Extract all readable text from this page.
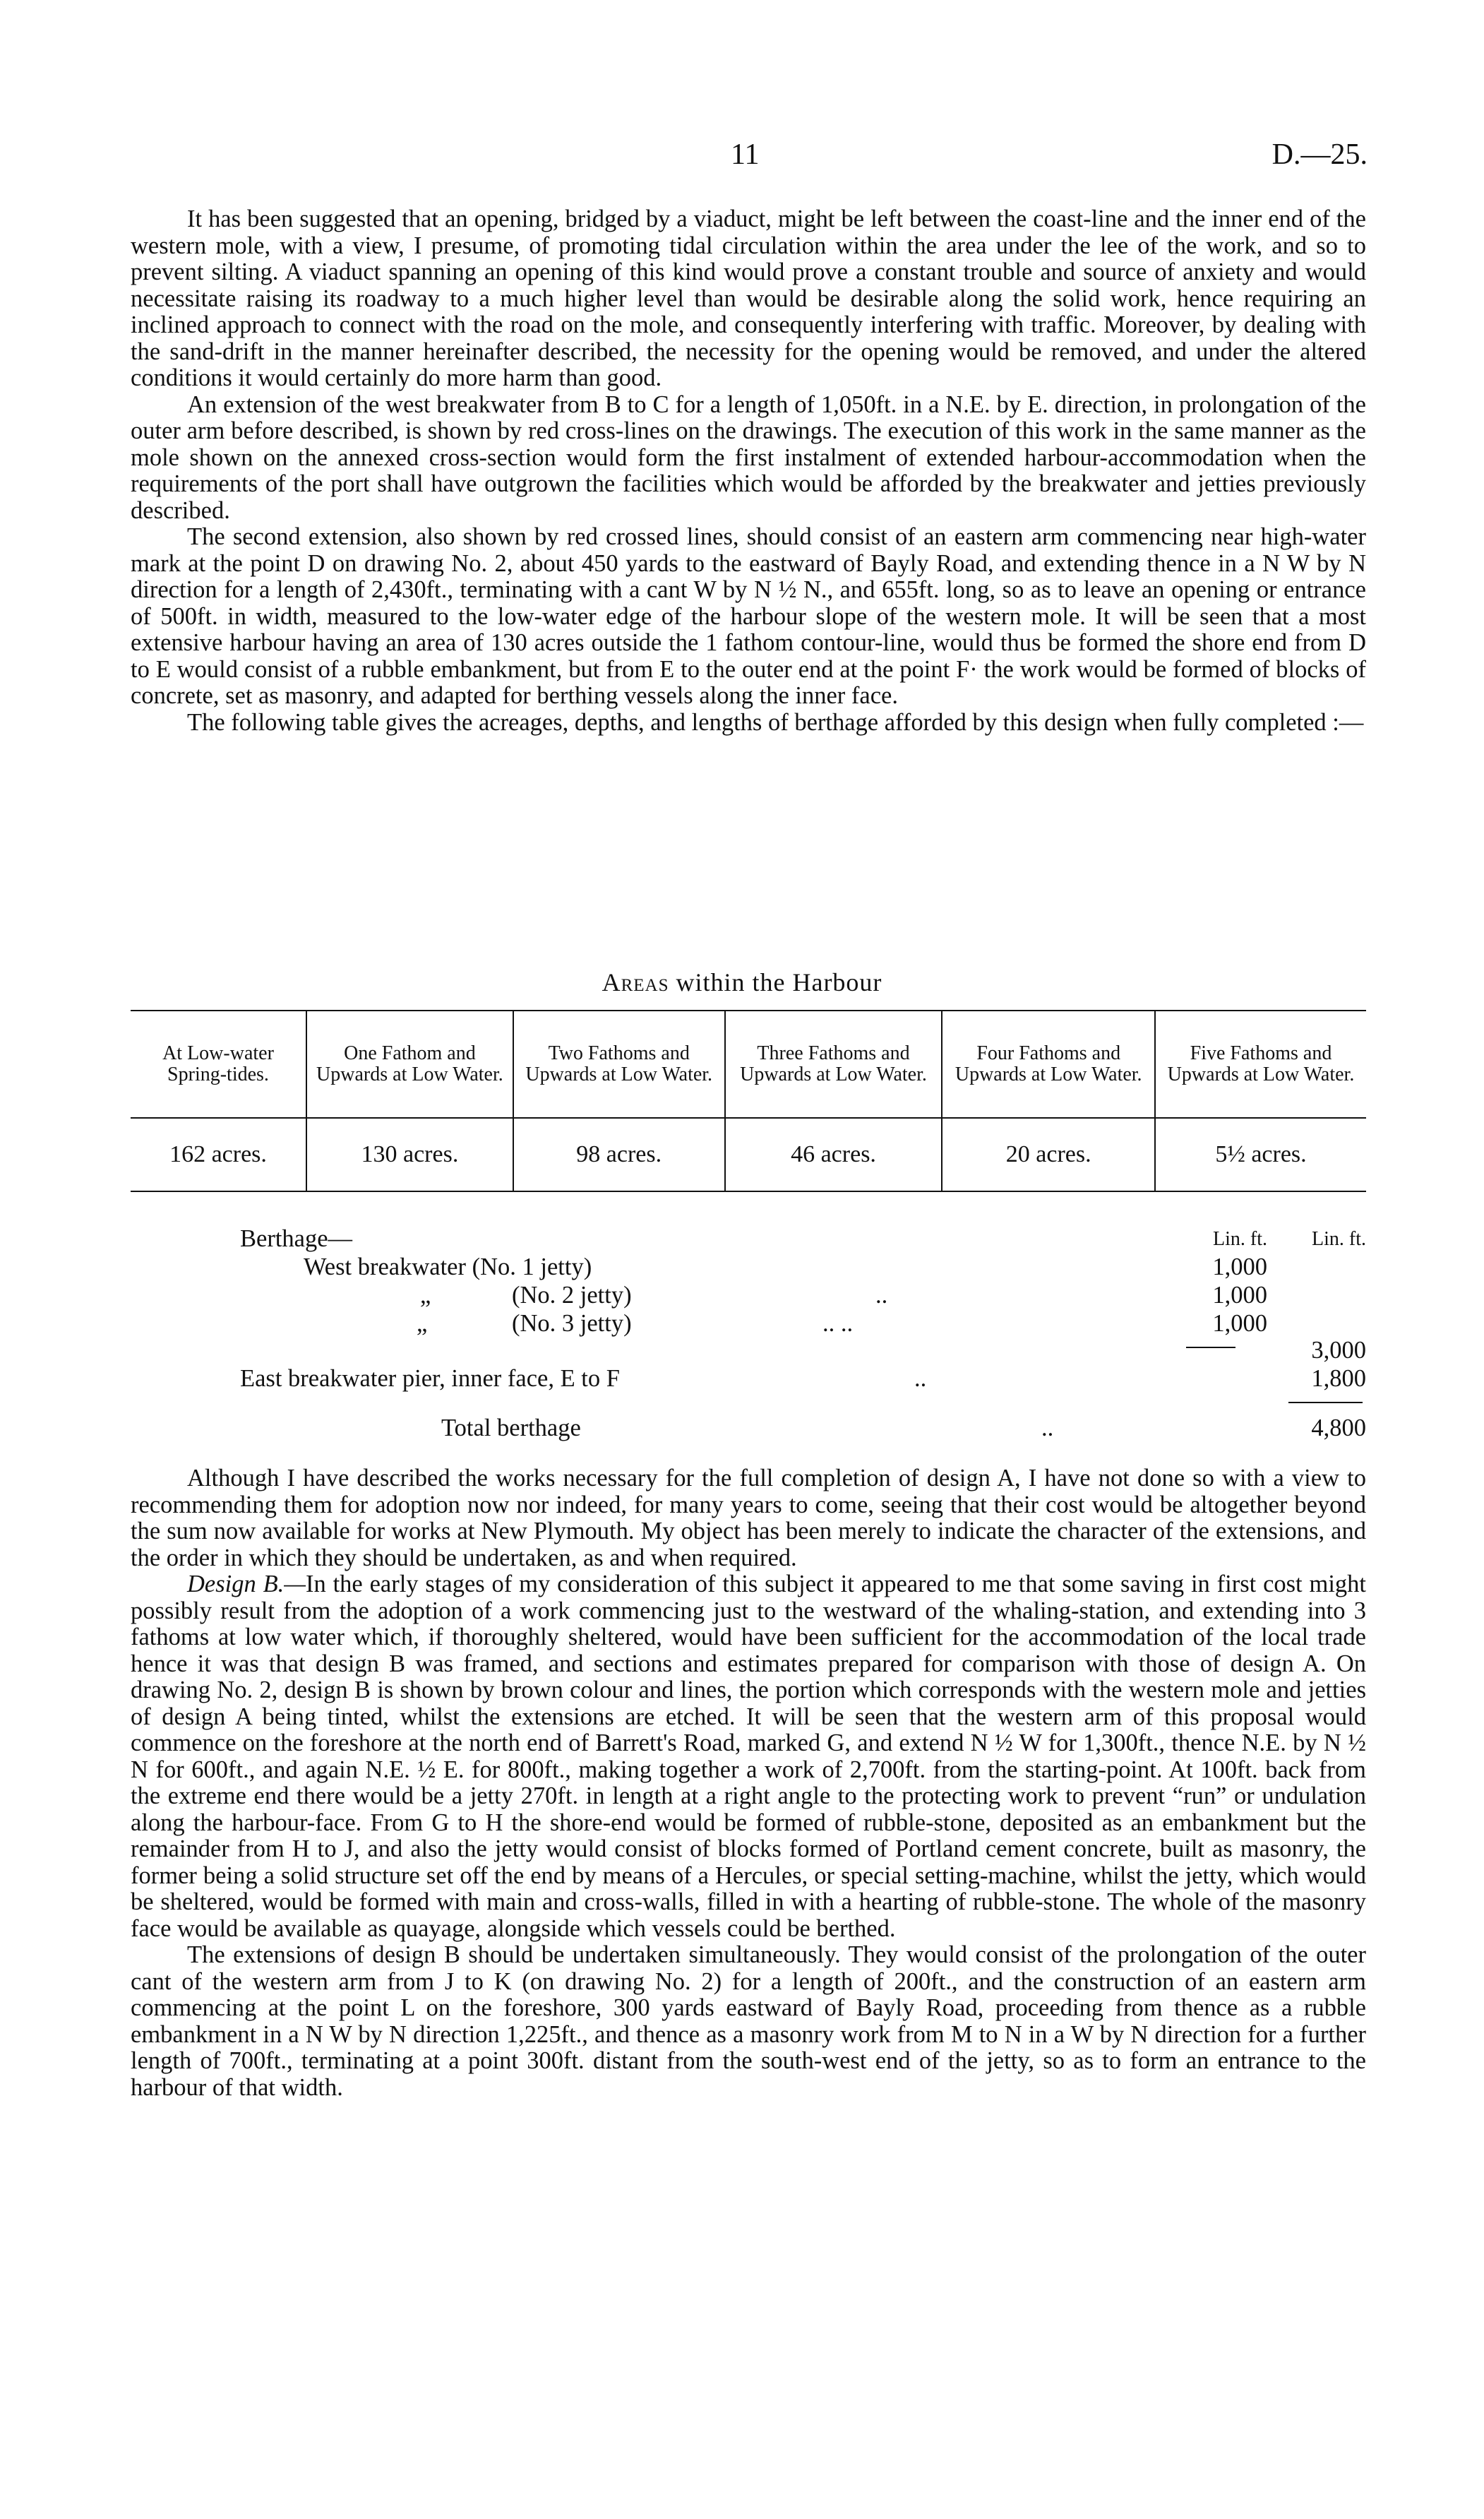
11	D.—25.

It has been suggested that an opening, bridged by a viaduct, might be left between the coast-line and the inner end of the western mole, with a view, I presume, of promoting tidal circulation within the area under the lee of the work, and so to prevent silting. A viaduct spanning an opening of this kind would prove a constant trouble and source of anxiety and would necessitate raising its roadway to a much higher level than would be desirable along the solid work, hence requiring an inclined approach to connect with the road on the mole, and consequently interfering with traffic. Moreover, by dealing with the sand-drift in the manner hereinafter described, the necessity for the opening would be removed, and under the altered conditions it would certainly do more harm than good.

An extension of the west breakwater from B to C for a length of 1,050ft. in a N.E. by E. direction, in prolongation of the outer arm before described, is shown by red cross-lines on the drawings. The execution of this work in the same manner as the mole shown on the annexed cross-section would form the first instalment of extended harbour-accommodation when the requirements of the port shall have outgrown the facilities which would be afforded by the breakwater and jetties previously described.

The second extension, also shown by red crossed lines, should consist of an eastern arm commencing near high-water mark at the point D on drawing No. 2, about 450 yards to the eastward of Bayly Road, and extending thence in a N W by N direction for a length of 2,430ft., terminating with a cant W by N ½ N., and 655ft. long, so as to leave an opening or entrance of 500ft. in width, measured to the low-water edge of the harbour slope of the western mole. It will be seen that a most extensive harbour having an area of 130 acres outside the 1 fathom contour-line, would thus be formed the shore end from D to E would consist of a rubble embankment, but from E to the outer end at the point F· the work would be formed of blocks of concrete, set as masonry, and adapted for berthing vessels along the inner face.

The following table gives the acreages, depths, and lengths of berthage afforded by this design when fully completed :—

Areas within the Harbour
At Low-water Spring-tides.	One Fathom and Upwards at Low Water.	Two Fathoms and Upwards at Low Water.	Three Fathoms and Upwards at Low Water.	Four Fathoms and Upwards at Low Water.	Five Fathoms and Upwards at Low Water.
162 acres.	130 acres.	98 acres.	46 acres.	20 acres.	5½ acres.
Berthage—	Lin. ft.	Lin. ft.
West breakwater (No. 1 jetty)	1,000
„	(No. 2 jetty)	..	1,000
„	(No. 3 jetty)	.. ..	1,000
3,000
East breakwater pier, inner face, E to F	..	1,800
Total berthage	..	4,800

Although I have described the works necessary for the full completion of design A, I have not done so with a view to recommending them for adoption now nor indeed, for many years to come, seeing that their cost would be altogether beyond the sum now available for works at New Plymouth. My object has been merely to indicate the character of the extensions, and the order in which they should be undertaken, as and when required.

Design B.—In the early stages of my consideration of this subject it appeared to me that some saving in first cost might possibly result from the adoption of a work commencing just to the westward of the whaling-station, and extending into 3 fathoms at low water which, if thoroughly sheltered, would have been sufficient for the accommodation of the local trade hence it was that design B was framed, and sections and estimates prepared for comparison with those of design A. On drawing No. 2, design B is shown by brown colour and lines, the portion which corresponds with the western mole and jetties of design A being tinted, whilst the extensions are etched. It will be seen that the western arm of this proposal would commence on the foreshore at the north end of Barrett's Road, marked G, and extend N ½ W for 1,300ft., thence N.E. by N ½ N for 600ft., and again N.E. ½ E. for 800ft., making together a work of 2,700ft. from the starting-point. At 100ft. back from the extreme end there would be a jetty 270ft. in length at a right angle to the protecting work to prevent “run” or undulation along the harbour-face. From G to H the shore-end would be formed of rubble-stone, deposited as an embankment but the remainder from H to J, and also the jetty would consist of blocks formed of Portland cement concrete, built as masonry, the former being a solid structure set off the end by means of a Hercules, or special setting-machine, whilst the jetty, which would be sheltered, would be formed with main and cross-walls, filled in with a hearting of rubble-stone. The whole of the masonry face would be available as quayage, alongside which vessels could be berthed.

The extensions of design B should be undertaken simultaneously. They would consist of the prolongation of the outer cant of the western arm from J to K (on drawing No. 2) for a length of 200ft., and the construction of an eastern arm commencing at the point L on the foreshore, 300 yards eastward of Bayly Road, proceeding from thence as a rubble embankment in a N W by N direction 1,225ft., and thence as a masonry work from M to N in a W by N direction for a further length of 700ft., terminating at a point 300ft. distant from the south-west end of the jetty, so as to form an entrance to the harbour of that width.
